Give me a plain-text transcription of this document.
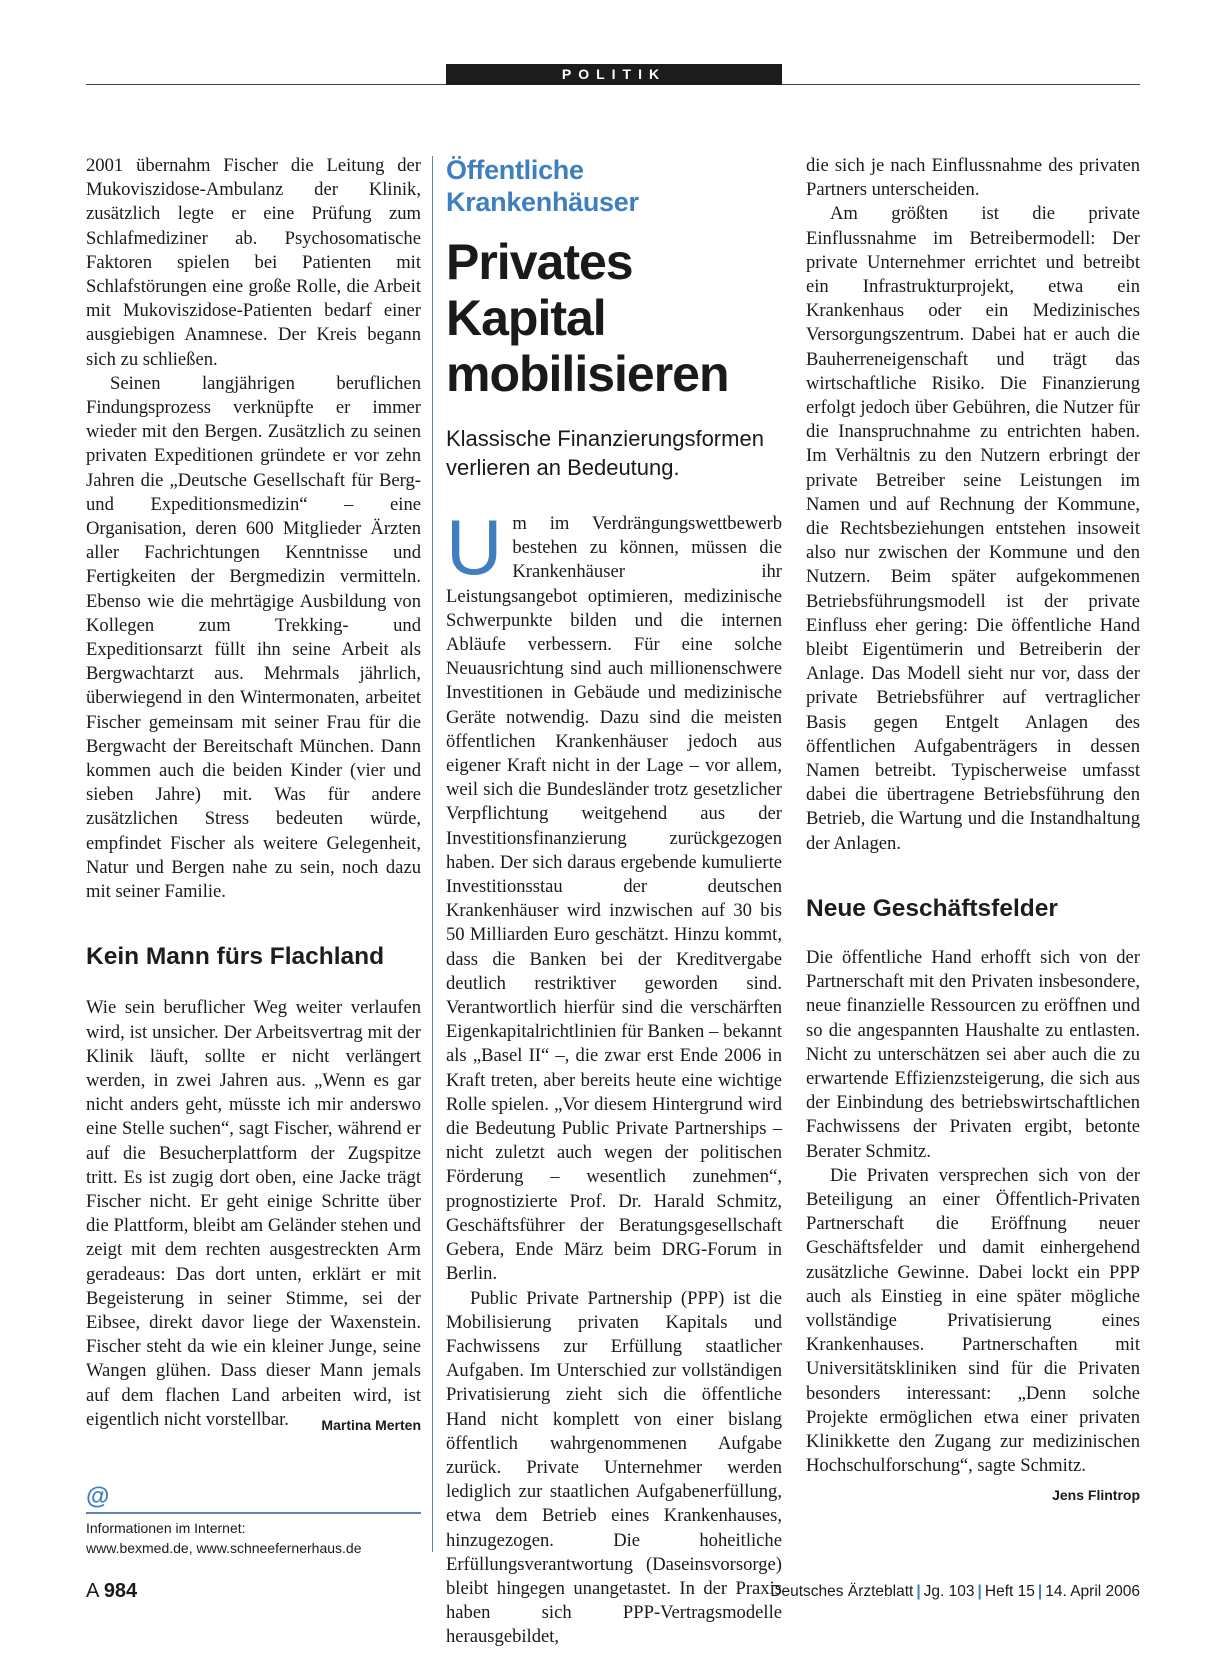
POLITIK

2001 übernahm Fischer die Leitung der Mukoviszidose-Ambulanz der Klinik, zusätzlich legte er eine Prüfung zum Schlafmediziner ab. Psychosomatische Faktoren spielen bei Patienten mit Schlafstörungen eine große Rolle, die Arbeit mit Mukoviszidose-Patienten bedarf einer ausgiebigen Anamnese. Der Kreis begann sich zu schließen.

Seinen langjährigen beruflichen Findungsprozess verknüpfte er immer wieder mit den Bergen. Zusätzlich zu seinen privaten Expeditionen gründete er vor zehn Jahren die „Deutsche Gesellschaft für Berg- und Expeditionsmedizin“ – eine Organisation, deren 600 Mitglieder Ärzten aller Fachrichtungen Kenntnisse und Fertigkeiten der Bergmedizin vermitteln. Ebenso wie die mehrtägige Ausbildung von Kollegen zum Trekking- und Expeditionsarzt füllt ihn seine Arbeit als Bergwachtarzt aus. Mehrmals jährlich, überwiegend in den Wintermonaten, arbeitet Fischer gemeinsam mit seiner Frau für die Bergwacht der Bereitschaft München. Dann kommen auch die beiden Kinder (vier und sieben Jahre) mit. Was für andere zusätzlichen Stress bedeuten würde, empfindet Fischer als weitere Gelegenheit, Natur und Bergen nahe zu sein, noch dazu mit seiner Familie.

Kein Mann fürs Flachland

Wie sein beruflicher Weg weiter verlaufen wird, ist unsicher. Der Arbeitsvertrag mit der Klinik läuft, sollte er nicht verlängert werden, in zwei Jahren aus. „Wenn es gar nicht anders geht, müsste ich mir anderswo eine Stelle suchen“, sagt Fischer, während er auf die Besucherplattform der Zugspitze tritt. Es ist zugig dort oben, eine Jacke trägt Fischer nicht. Er geht einige Schritte über die Plattform, bleibt am Geländer stehen und zeigt mit dem rechten ausgestreckten Arm geradeaus: Das dort unten, erklärt er mit Begeisterung in seiner Stimme, sei der Eibsee, direkt davor liege der Waxenstein. Fischer steht da wie ein kleiner Junge, seine Wangen glühen. Dass dieser Mann jemals auf dem flachen Land arbeiten wird, ist eigentlich nicht vorstellbar. Martina Merten

@
Informationen im Internet:
www.bexmed.de, www.schneefernerhaus.de
Öffentliche Krankenhäuser
Privates Kapital mobilisieren
Klassische Finanzierungsformen verlieren an Bedeutung.

Um im Verdrängungswettbewerb bestehen zu können, müssen die Krankenhäuser ihr Leistungsangebot optimieren, medizinische Schwerpunkte bilden und die internen Abläufe verbessern. Für eine solche Neuausrichtung sind auch millionenschwere Investitionen in Gebäude und medizinische Geräte notwendig. Dazu sind die meisten öffentlichen Krankenhäuser jedoch aus eigener Kraft nicht in der Lage – vor allem, weil sich die Bundesländer trotz gesetzlicher Verpflichtung weitgehend aus der Investitionsfinanzierung zurückgezogen haben. Der sich daraus ergebende kumulierte Investitionsstau der deutschen Krankenhäuser wird inzwischen auf 30 bis 50 Milliarden Euro geschätzt. Hinzu kommt, dass die Banken bei der Kreditvergabe deutlich restriktiver geworden sind. Verantwortlich hierfür sind die verschärften Eigenkapitalrichtlinien für Banken – bekannt als „Basel II“ –, die zwar erst Ende 2006 in Kraft treten, aber bereits heute eine wichtige Rolle spielen. „Vor diesem Hintergrund wird die Bedeutung Public Private Partnerships – nicht zuletzt auch wegen der politischen Förderung – wesentlich zunehmen“, prognostizierte Prof. Dr. Harald Schmitz, Geschäftsführer der Beratungsgesellschaft Gebera, Ende März beim DRG-Forum in Berlin.

Public Private Partnership (PPP) ist die Mobilisierung privaten Kapitals und Fachwissens zur Erfüllung staatlicher Aufgaben. Im Unterschied zur vollständigen Privatisierung zieht sich die öffentliche Hand nicht komplett von einer bislang öffentlich wahrgenommenen Aufgabe zurück. Private Unternehmer werden lediglich zur staatlichen Aufgabenerfüllung, etwa dem Betrieb eines Krankenhauses, hinzugezogen. Die hoheitliche Erfüllungsverantwortung (Daseinsvorsorge) bleibt hingegen unangetastet. In der Praxis haben sich PPP-Vertragsmodelle herausgebildet,

die sich je nach Einflussnahme des privaten Partners unterscheiden.

Am größten ist die private Einflussnahme im Betreibermodell: Der private Unternehmer errichtet und betreibt ein Infrastrukturprojekt, etwa ein Krankenhaus oder ein Medizinisches Versorgungszentrum. Dabei hat er auch die Bauherreneigenschaft und trägt das wirtschaftliche Risiko. Die Finanzierung erfolgt jedoch über Gebühren, die Nutzer für die Inanspruchnahme zu entrichten haben. Im Verhältnis zu den Nutzern erbringt der private Betreiber seine Leistungen im Namen und auf Rechnung der Kommune, die Rechtsbeziehungen entstehen insoweit also nur zwischen der Kommune und den Nutzern. Beim später aufgekommenen Betriebsführungsmodell ist der private Einfluss eher gering: Die öffentliche Hand bleibt Eigentümerin und Betreiberin der Anlage. Das Modell sieht nur vor, dass der private Betriebsführer auf vertraglicher Basis gegen Entgelt Anlagen des öffentlichen Aufgabenträgers in dessen Namen betreibt. Typischerweise umfasst dabei die übertragene Betriebsführung den Betrieb, die Wartung und die Instandhaltung der Anlagen.

Neue Geschäftsfelder

Die öffentliche Hand erhofft sich von der Partnerschaft mit den Privaten insbesondere, neue finanzielle Ressourcen zu eröffnen und so die angespannten Haushalte zu entlasten. Nicht zu unterschätzen sei aber auch die zu erwartende Effizienzsteigerung, die sich aus der Einbindung des betriebswirtschaftlichen Fachwissens der Privaten ergibt, betonte Berater Schmitz.

Die Privaten versprechen sich von der Beteiligung an einer Öffentlich-Privaten Partnerschaft die Eröffnung neuer Geschäftsfelder und damit einhergehend zusätzliche Gewinne. Dabei lockt ein PPP auch als Einstieg in eine später mögliche vollständige Privatisierung eines Krankenhauses. Partnerschaften mit Universitätskliniken sind für die Privaten besonders interessant: „Denn solche Projekte ermöglichen etwa einer privaten Klinikkette den Zugang zur medizinischen Hochschulforschung“, sagte Schmitz.
Jens Flintrop

A 984	Deutsches Ärzteblatt | Jg. 103 | Heft 15 | 14. April 2006
